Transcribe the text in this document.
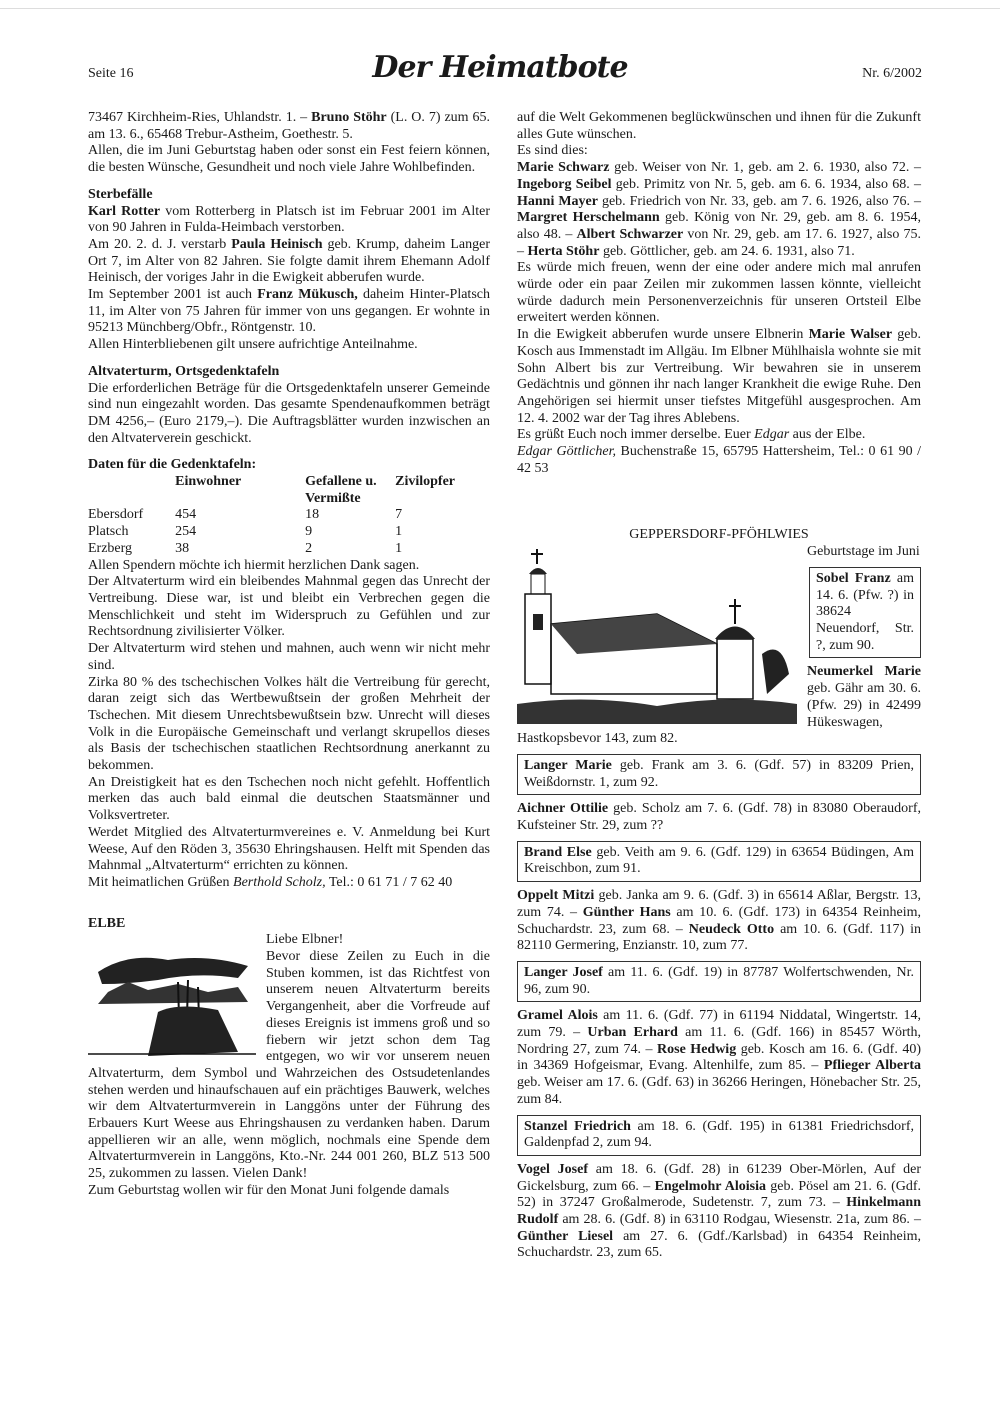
Seite 16	Der Heimatbote	Nr. 6/2002

73467 Kirchheim-Ries, Uhlandstr. 1. – Bruno Stöhr (L. O. 7) zum 65. am 13. 6., 65468 Trebur-Astheim, Goethestr. 5.

Allen, die im Juni Geburtstag haben oder sonst ein Fest feiern können, die besten Wünsche, Gesundheit und noch viele Jahre Wohlbefinden.

Sterbefälle

Karl Rotter vom Rotterberg in Platsch ist im Februar 2001 im Alter von 90 Jahren in Fulda-Heimbach verstorben.

Am 20. 2. d. J. verstarb Paula Heinisch geb. Krump, daheim Langer Ort 7, im Alter von 82 Jahren. Sie folgte damit ihrem Ehemann Adolf Heinisch, der voriges Jahr in die Ewigkeit abberufen wurde.

Im September 2001 ist auch Franz Mükusch, daheim Hinter-Platsch 11, im Alter von 75 Jahren für immer von uns gegangen. Er wohnte in 95213 Münchberg/Obfr., Röntgenstr. 10.

Allen Hinterbliebenen gilt unsere aufrichtige Anteilnahme.

Altvaterturm, Ortsgedenktafeln

Die erforderlichen Beträge für die Ortsgedenktafeln unserer Gemeinde sind nun eingezahlt worden. Das gesamte Spendenaufkommen beträgt DM 4256,– (Euro 2179,–). Die Auftragsblätter wurden inzwischen an den Altvaterverein geschickt.

Daten für die Gedenktafeln:

	Einwohner	Gefallene u. Vermißte	Zivilopfer
Ebersdorf	454	18	7
Platsch	254	9	1
Erzberg	38	2	1

Allen Spendern möchte ich hiermit herzlichen Dank sagen.

Der Altvaterturm wird ein bleibendes Mahnmal gegen das Unrecht der Vertreibung. Diese war, ist und bleibt ein Verbrechen gegen die Menschlichkeit und steht im Widerspruch zu Gefühlen und zur Rechtsordnung zivilisierter Völker.

Der Altvaterturm wird stehen und mahnen, auch wenn wir nicht mehr sind.

Zirka 80 % des tschechischen Volkes hält die Vertreibung für gerecht, daran zeigt sich das Wertbewußtsein der großen Mehrheit der Tschechen. Mit diesem Unrechtsbewußtsein bzw. Unrecht will dieses Volk in die Europäische Gemeinschaft und verlangt skrupellos dieses als Basis der tschechischen staatlichen Rechtsordnung anerkannt zu bekommen.

An Dreistigkeit hat es den Tschechen noch nicht gefehlt. Hoffentlich merken das auch bald einmal die deutschen Staatsmänner und Volksvertreter.

Werdet Mitglied des Altvaterturmvereines e. V. Anmeldung bei Kurt Weese, Auf den Röden 3, 35630 Ehringshausen. Helft mit Spenden das Mahnmal „Altvaterturm“ errichten zu können.

Mit heimatlichen Grüßen Berthold Scholz, Tel.: 0 61 71 / 7 62 40

ELBE

Liebe Elbner!

Bevor diese Zeilen zu Euch in die Stuben kommen, ist das Richtfest von unserem neuen Altvaterturm bereits Vergangenheit, aber die Vorfreude auf dieses Ereignis ist immens groß und so fiebern wir jetzt schon dem Tag entgegen, wo wir vor unserem neuen Altvaterturm, dem Symbol und Wahrzeichen des Ostsudetenlandes stehen werden und hinaufschauen auf ein prächtiges Bauwerk, welches wir dem Altvaterturmverein in Langgöns unter der Führung des Erbauers Kurt Weese aus Ehringshausen zu verdanken haben. Darum appellieren wir an alle, wenn möglich, nochmals eine Spende dem Altvaterturmverein in Langgöns, Kto.-Nr. 244 001 260, BLZ 513 500 25, zukommen zu lassen. Vielen Dank!

Zum Geburtstag wollen wir für den Monat Juni folgende damals

auf die Welt Gekommenen beglückwünschen und ihnen für die Zukunft alles Gute wünschen.

Es sind dies:

Marie Schwarz geb. Weiser von Nr. 1, geb. am 2. 6. 1930, also 72. – Ingeborg Seibel geb. Primitz von Nr. 5, geb. am 6. 6. 1934, also 68. – Hanni Mayer geb. Friedrich von Nr. 33, geb. am 7. 6. 1926, also 76. – Margret Herschelmann geb. König von Nr. 29, geb. am 8. 6. 1954, also 48. – Albert Schwarzer von Nr. 29, geb. am 17. 6. 1927, also 75. – Herta Stöhr geb. Göttlicher, geb. am 24. 6. 1931, also 71.

Es würde mich freuen, wenn der eine oder andere mich mal anrufen würde oder ein paar Zeilen mir zukommen lassen könnte, vielleicht würde dadurch mein Personenverzeichnis für unseren Ortsteil Elbe erweitert werden können.

In die Ewigkeit abberufen wurde unsere Elbnerin Marie Walser geb. Kosch aus Immenstadt im Allgäu. Im Elbner Mühlhaisla wohnte sie mit Sohn Albert bis zur Vertreibung. Wir bewahren sie in unserem Gedächtnis und gönnen ihr nach langer Krankheit die ewige Ruhe. Den Angehörigen sei hiermit unser tiefstes Mitgefühl ausgesprochen. Am 12. 4. 2002 war der Tag ihres Ablebens.

Es grüßt Euch noch immer derselbe. Euer Edgar aus der Elbe.

Edgar Göttlicher, Buchenstraße 15, 65795 Hattersheim, Tel.: 0 61 90 / 42 53

GEPPERSDORF-PFÖHLWIES

Geburtstage im Juni

Sobel Franz am 14. 6. (Pfw. ?) in 38624 Neuendorf, Str. ?, zum 90.

Neumerkel Marie geb. Gähr am 30. 6. (Pfw. 29) in 42499 Hükeswagen, Hastkopsbevor 143, zum 82.

Langer Marie geb. Frank am 3. 6. (Gdf. 57) in 83209 Prien, Weißdornstr. 1, zum 92.

Aichner Ottilie geb. Scholz am 7. 6. (Gdf. 78) in 83080 Oberaudorf, Kufsteiner Str. 29, zum ??

Brand Else geb. Veith am 9. 6. (Gdf. 129) in 63654 Büdingen, Am Kreischbon, zum 91.

Oppelt Mitzi geb. Janka am 9. 6. (Gdf. 3) in 65614 Aßlar, Bergstr. 13, zum 74. – Günther Hans am 10. 6. (Gdf. 173) in 64354 Reinheim, Schuchardstr. 23, zum 68. – Neudeck Otto am 10. 6. (Gdf. 117) in 82110 Germering, Enzianstr. 10, zum 77.

Langer Josef am 11. 6. (Gdf. 19) in 87787 Wolfertschwenden, Nr. 96, zum 90.

Gramel Alois am 11. 6. (Gdf. 77) in 61194 Niddatal, Wingertstr. 14, zum 79. – Urban Erhard am 11. 6. (Gdf. 166) in 85457 Wörth, Nordring 27, zum 74. – Rose Hedwig geb. Kosch am 16. 6. (Gdf. 40) in 34369 Hofgeismar, Evang. Altenhilfe, zum 85. – Pflieger Alberta geb. Weiser am 17. 6. (Gdf. 63) in 36266 Heringen, Hönebacher Str. 25, zum 84.

Stanzel Friedrich am 18. 6. (Gdf. 195) in 61381 Friedrichsdorf, Galdenpfad 2, zum 94.

Vogel Josef am 18. 6. (Gdf. 28) in 61239 Ober-Mörlen, Auf der Gickelsburg, zum 66. – Engelmohr Aloisia geb. Pösel am 21. 6. (Gdf. 52) in 37247 Großalmerode, Sudetenstr. 7, zum 73. – Hinkelmann Rudolf am 28. 6. (Gdf. 8) in 63110 Rodgau, Wiesenstr. 21a, zum 86. – Günther Liesel am 27. 6. (Gdf./Karlsbad) in 64354 Reinheim, Schuchardstr. 23, zum 65.
